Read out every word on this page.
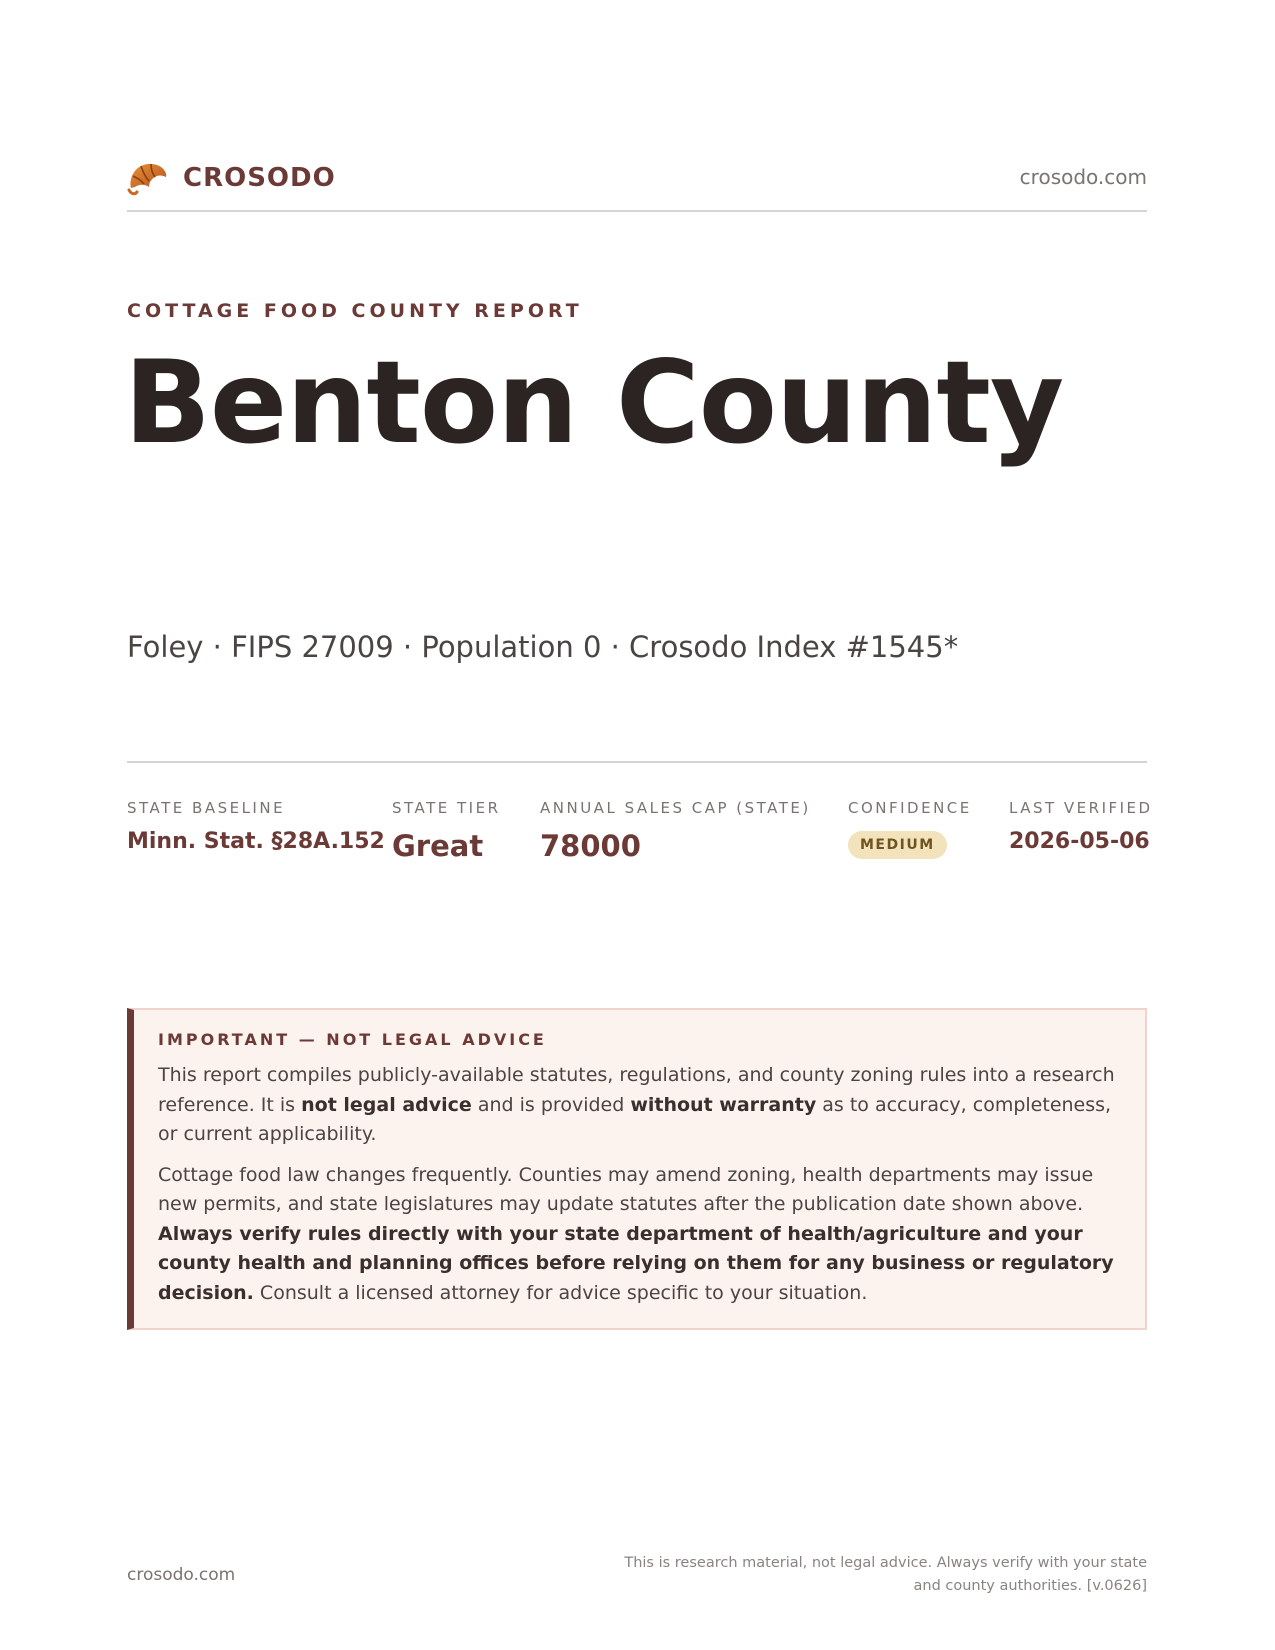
CROSODO	crosodo.com
COTTAGE FOOD COUNTY REPORT
Benton County
Foley · FIPS 27009 · Population 0 · Crosodo Index #1545*
STATE BASELINE
Minn. Stat. §28A.152
STATE TIER
Great
ANNUAL SALES CAP (STATE)
78000
CONFIDENCE
MEDIUM
LAST VERIFIED
2026-05-06
IMPORTANT — NOT LEGAL ADVICE

This report compiles publicly-available statutes, regulations, and county zoning rules into a research reference. It is not legal advice and is provided without warranty as to accuracy, completeness, or current applicability.

Cottage food law changes frequently. Counties may amend zoning, health departments may issue new permits, and state legislatures may update statutes after the publication date shown above. Always verify rules directly with your state department of health/agriculture and your county health and planning offices before relying on them for any business or regulatory decision. Consult a licensed attorney for advice specific to your situation.

crosodo.com
This is research material, not legal advice. Always verify with your state
and county authorities. [v.0626]
